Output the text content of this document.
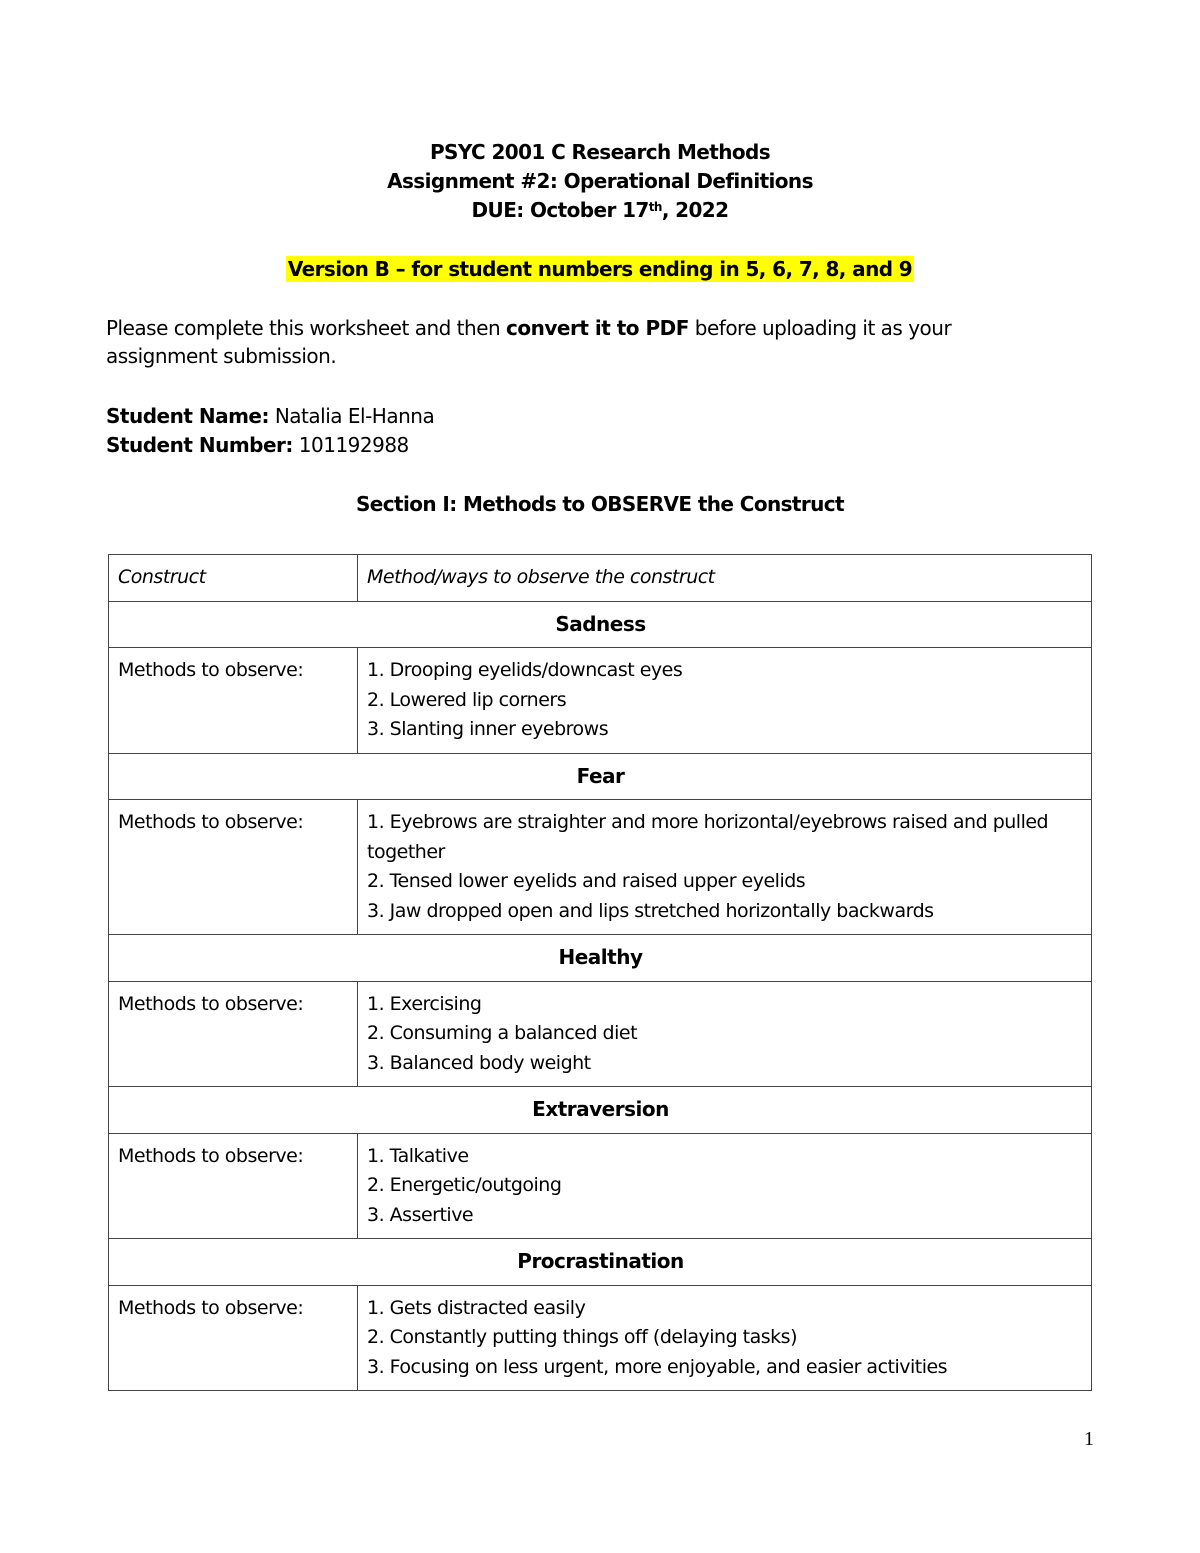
PSYC 2001 C Research Methods
Assignment #2: Operational Definitions
DUE: October 17th, 2022
Version B – for student numbers ending in 5, 6, 7, 8, and 9
Please complete this worksheet and then convert it to PDF before uploading it as your assignment submission.
Student Name: Natalia El-Hanna
Student Number: 101192988
Section I: Methods to OBSERVE the Construct
Construct	Method/ways to observe the construct
Sadness	
Methods to observe:	1. Drooping eyelids/downcast eyes
2. Lowered lip corners
3. Slanting inner eyebrows

Fear	
Methods to observe:	1. Eyebrows are straighter and more horizontal/eyebrows raised and pulled together
2. Tensed lower eyelids and raised upper eyelids
3. Jaw dropped open and lips stretched horizontally backwards

Healthy	
Methods to observe:	1. Exercising
2. Consuming a balanced diet
3. Balanced body weight

Extraversion	
Methods to observe:	1. Talkative
2. Energetic/outgoing
3. Assertive

Procrastination	
Methods to observe:	1. Gets distracted easily
2. Constantly putting things off (delaying tasks)
3. Focusing on less urgent, more enjoyable, and easier activities
1
